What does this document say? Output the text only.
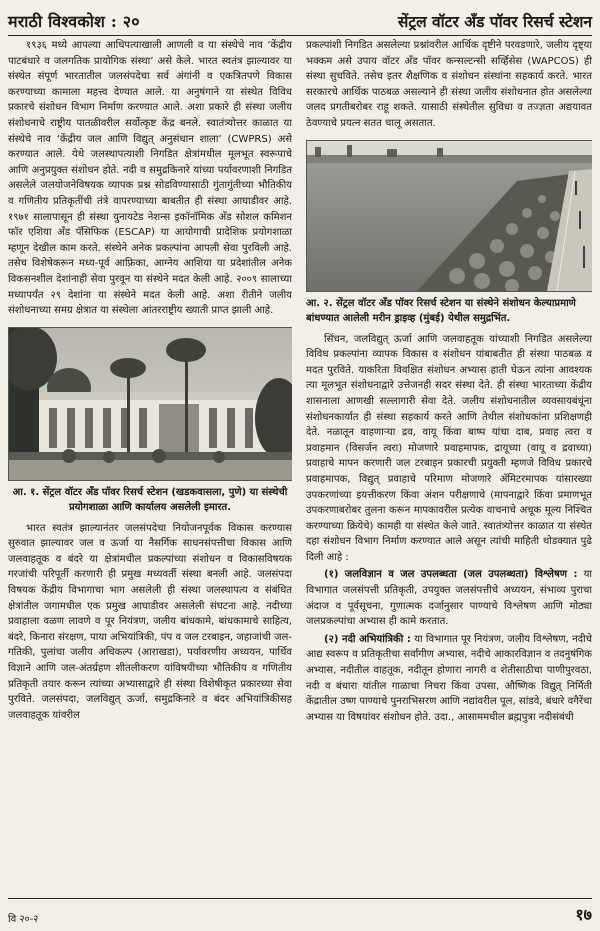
मराठी विश्वकोश : २०	सेंट्रल वॉटर अँड पॉवर रिसर्च स्टेशन

१९३६ मध्ये आपल्या आधिपत्याखाली आणली व या संस्थेचे नाव ‘केंद्रीय पाटबंधारे व जलगतिक प्रायोगिक संस्था’ असे केले. भारत स्वतंत्र झाल्यावर या संस्थेत संपूर्ण भारतातील जलसंपदेचा सर्व अंगांनी व एकत्रितपणे विकास करण्याच्या कामाला महत्त्व देण्यात आले. या अनुषंगाने या संस्थेत विविध प्रकारचे संशोधन विभाग निर्माण करण्यात आले. अशा प्रकारे ही संस्था जलीय संशोधनाचे राष्ट्रीय पातळीवरील सर्वोत्कृष्ट केंद्र बनले. स्वातंत्र्योत्तर काळात या संस्थेचे नाव ‘केंद्रीय जल आणि विद्युत् अनुसंधान शाला’ (CWPRS) असे करण्यात आले. येथे जलस्थापत्याशी निगडित क्षेत्रांमधील मूलभूत स्वरूपाचे आणि अनुप्रयुक्त संशोधन होते. नदी व समुद्रकिनारे यांच्या पर्यावरणाशी निगडित असलेले जलयोजनेविषयक व्यापक प्रश्न सोडविण्यासाठी गुंतागुंतीच्या भौतिकीय व गणितीय प्रतिकृतींची तंत्रे वापरण्याच्या बाबतीत ही संस्था आघाडीवर आहे. १९७१ सालापासून ही संस्था युनायटेड नेशन्स इकॉनॉमिक अँड सोशल कमिशन फॉर एशिया अँड पॅसिफिक (ESCAP) या आयोगाची प्रादेशिक प्रयोगशाळा म्हणून देखील काम करते. संस्थेने अनेक प्रकल्पांना आपली सेवा पुरविली आहे. तसेच विशेषेकरून मध्य-पूर्व आफ्रिका, आग्नेय आशिया या प्रदेशांतील अनेक विकसनशील देशांनाही सेवा पुरवून या संस्थेने मदत केली आहे. २००९ सालाच्या मध्यापर्यंत २९ देशांना या संस्थेने मदत केली आहे. अशा रीतीने जलीय संशोधनाच्या समग्र क्षेत्रात या संस्थेला आंतरराष्ट्रीय ख्याती प्राप्त झाली आहे.

आ. १. सेंट्रल वॉटर अँड पॉवर रिसर्च स्टेशन (खडकवासला, पुणे) या संस्थेची प्रयोगशाळा आणि कार्यालय असलेली इमारत.

भारत स्वतंत्र झाल्यानंतर जलसंपदेचा नियोजनपूर्वक विकास करण्यास सुरुवात झाल्यावर जल व ऊर्जा या नैसर्गिक साधनसंपत्तीचा विकास आणि जलवाहतूक व बंदरे या क्षेत्रांमधील प्रकल्पांच्या संशोधन व विकासविषयक गरजांची परिपूर्ती करणारी ही प्रमुख मध्यवर्ती संस्था बनली आहे. जलसंपदा विषयक केंद्रीय विभागाचा भाग असलेली ही संस्था जलस्थापत्य व संबंधित क्षेत्रांतील जगामधील एक प्रमुख आघाडीवर असलेली संघटना आहे. नदीच्या प्रवाहाला वळण लावणे व पूर नियंत्रण, जलीय बांधकामे, बांधकामाचे साहित्य, बंदरे, किनारा संरक्षण, पाया अभियांत्रिकी, पंप व जल टरबाइन, जहाजांची जल-गतिकी, पुलांचा जलीय अधिकल्प (आराखडा), पर्यावरणीय अध्ययन, पार्थिव विज्ञाने आणि जल-अंतर्ग्रहण शीतलीकरण यांविषयीच्या भौतिकीय व गणितीय प्रतिकृती तयार करून त्यांच्या अभ्यासाद्वारे ही संस्था विशेषीकृत प्रकारच्या सेवा पुरविते. जलसंपदा, जलविद्युत् ऊर्जा, समुद्रकिनारे व बंदर अभियांत्रिकीसह जलवाहतूक यांवरील

प्रकल्पांशी निगडित असलेल्या प्रश्नांवरील आर्थिक दृष्टीने परवडणारे, जलीय दृष्ट्या भक्कम असे उपाय वॉटर अँड पॉवर कन्सल्टन्सी सर्व्हिसेस (WAPCOS) ही संस्था सुचविते. तसेच इतर शैक्षणिक व संशोधन संस्थांना सहकार्य करते. भारत सरकारचे आर्थिक पाठबळ असल्याने ही संस्था जलीय संशोधनात होत असलेल्या जलद प्रगतीबरोबर राहू शकते. यासाठी संस्थेतील सुविधा व तज्ज्ञता अद्ययावत ठेवण्याचे प्रयत्न सतत चालू असतात.

आ. २. सेंट्रल वॉटर अँड पॉवर रिसर्च स्टेशन या संस्थेने संशोधन केल्याप्रमाणे बांधण्यात आलेली मरीन ड्राइव्ह (मुंबई) येथील समुद्रभिंत.

सिंचन, जलविद्युत् ऊर्जा आणि जलवाहतूक यांच्याशी निगडित असलेल्या विविध प्रकल्पांना व्यापक विकास व संशोधन यांबाबतीत ही संस्था पाठबळ व मदत पुरविते. याकरिता विवक्षित संशोधन अभ्यास हाती घेऊन त्यांना आवश्यक त्या मूलभूत संशोधनाद्वारे उत्तेजनही सदर संस्था देते. ही संस्था भारताच्या केंद्रीय शासनाला आणखी सल्लागारी सेवा देते. जलीय संशोधनातील व्यवसायबंधूंना संशोधनकार्यात ही संस्था सहकार्य करते आणि तेथील संशोधकांना प्रशिक्षणही देते. नळातून वाहणाऱ्या द्रव, वायू किंवा बाष्प यांचा दाब, प्रवाह त्वरा व प्रवाहमान (विसर्जन त्वरा) मोजणारे प्रवाहमापक, द्रायूच्या (वायू व द्रवाच्या) प्रवाहाचे मापन करणारी जल टरबाइन प्रकारची प्रयुक्ती म्हणजे विविध प्रकारचे प्रवाहमापक, विद्युत् प्रवाहाचे परिमाण मोजणारे ॲमिटरमापक यांसारख्या उपकरणांच्या इयत्तीकरण किंवा अंशन परीक्षणाचे (मापनाद्वारे किंवा प्रमाणभूत उपकरणाबरोबर तुलना करून मापकावरील प्रत्येक वाचनाचे अचूक मूल्य निश्चित करण्याच्या क्रियेचे) कामही या संस्थेत केले जाते. स्वातंत्र्योत्तर काळात या संस्थेत दहा संशोधन विभाग निर्माण करण्यात आले असून त्यांची माहिती थोडक्यात पुढे दिली आहे :

(१) जलविज्ञान व जल उपलब्धता (जल उपलब्धता) विश्लेषण : या विभागात जलसंपत्ती प्रतिकृती, उपयुक्त जलसंपत्तीचे अध्ययन, संभाव्य पुराचा अंदाज व पूर्वसूचना, गुणात्मक दर्जानुसार पाण्याचे विश्लेषण आणि मोठ्या जलप्रकल्पांचा अभ्यास ही कामे करतात.

(२) नदी अभियांत्रिकी : या विभागात पूर नियंत्रण, जलीय विश्लेषण, नदीचे आद्य स्वरूप व प्रतिकृतीचा सर्वांगीण अभ्यास, नदीचे आकारविज्ञान व तदनुषंगिक अभ्यास, नदीतील वाहतूक, नदीतून होणारा नागरी व शेतीसाठीचा पाणीपुरवठा, नदी व बंधारा यांतील गाळाचा निचरा किंवा उपसा, औष्णिक विद्युत् निर्मिती केंद्रातील उष्ण पाण्याचे पुनराभिसरण आणि नद्यांवरील पूल, सांडवे, बंधारे वगैरेंचा अभ्यास या विषयांवर संशोधन होते. उदा., आसाममधील ब्रह्मपुत्रा नदीसंबंधी

वि २०-२	१७
